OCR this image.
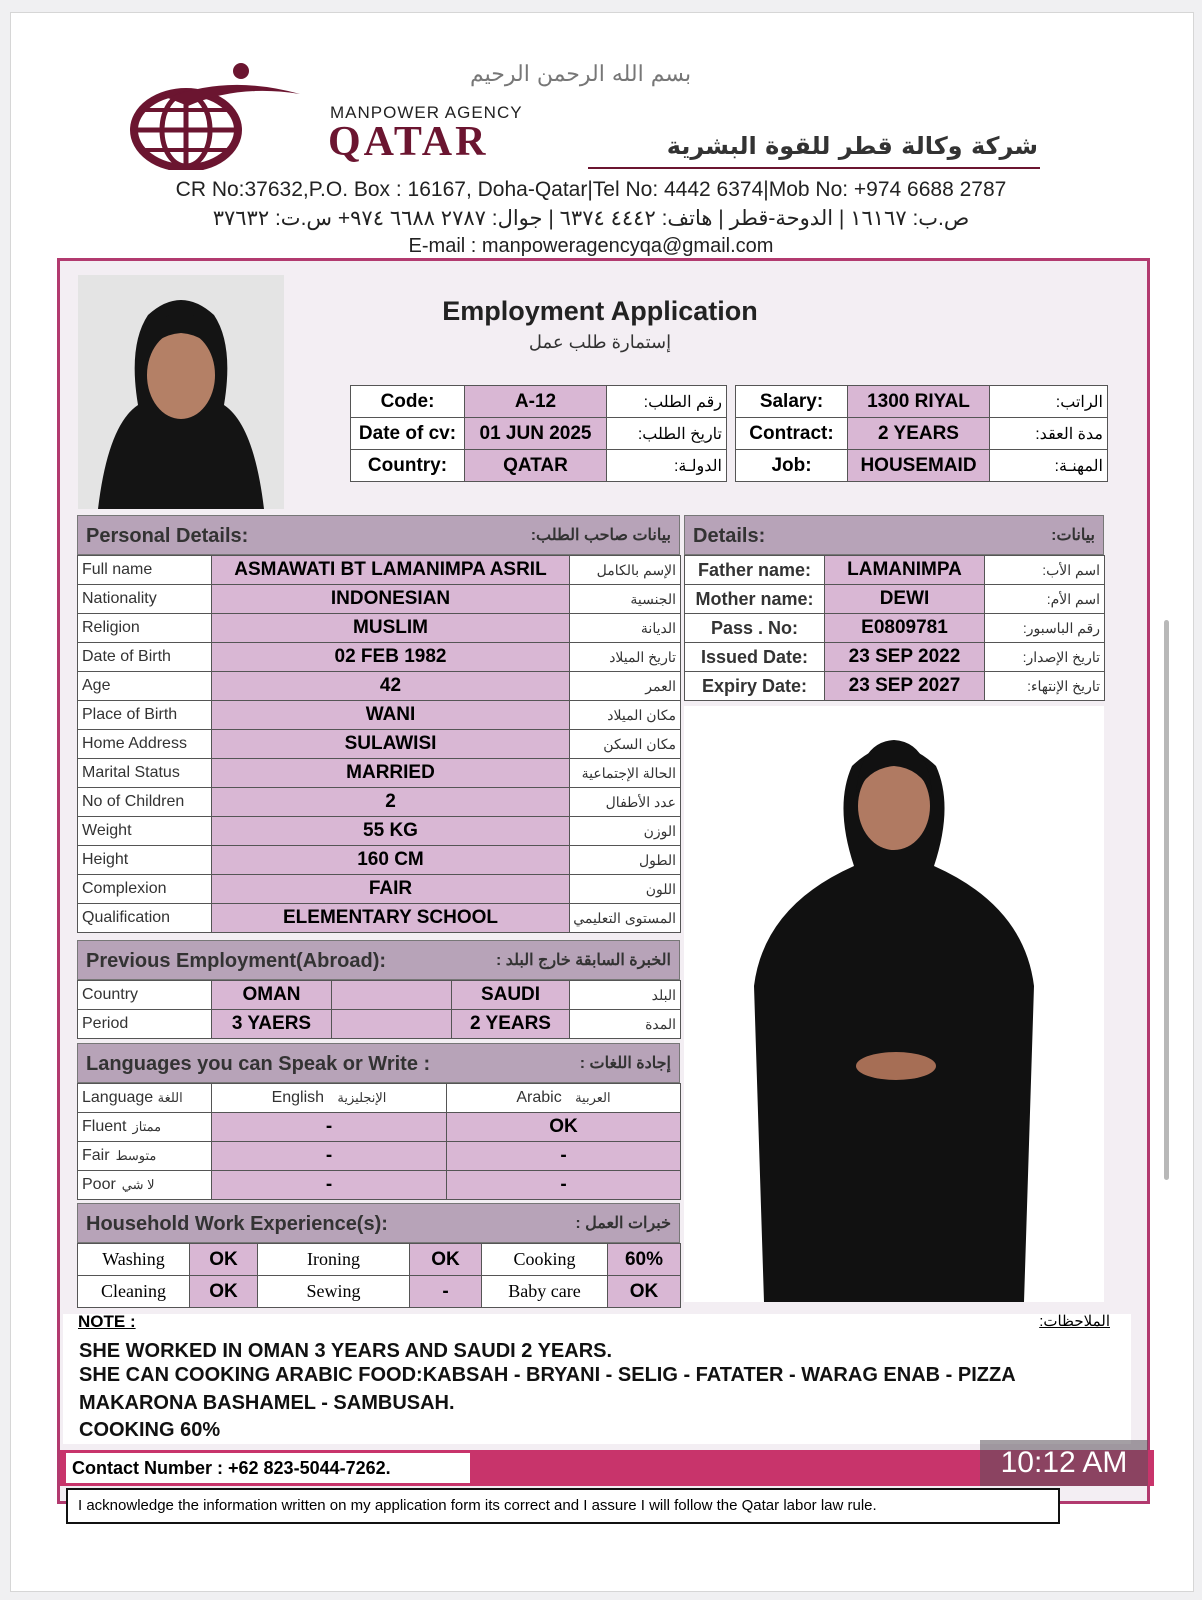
بسم الله الرحمن الرحيم
MANPOWER AGENCY
QATAR	شركة وكالة قطر للقوة البشرية
CR No:37632,P.O. Box : 16167, Doha-Qatar|Tel No: 4442 6374|Mob No: +974 6688 2787
ص.ب: ١٦١٦٧ | الدوحة-قطر | هاتف: ٤٤٤٢ ٦٣٧٤ | جوال: ٢٧٨٧ ٦٦٨٨ ٩٧٤+ س.ت: ٣٧٦٣٢
E-mail : manpoweragencyqa@gmail.com
Employment Application
إستمارة طلب عمل
Code:	A-12	رقم الطلب:
Date of cv:	01 JUN 2025	تاريخ الطلب:
Country:	QATAR	الدولـة:
Salary:	1300 RIYAL	الراتب:
Contract:	2 YEARS	مدة العقد:
Job:	HOUSEMAID	المهنـة:
Personal Details:	بيانات صاحب الطلب:
Full name	ASMAWATI BT LAMANIMPA ASRIL	الإسم بالكامل
Nationality	INDONESIAN	الجنسية
Religion	MUSLIM	الديانة
Date of Birth	02 FEB 1982	تاريخ الميلاد
Age	42	العمر
Place of Birth	WANI	مكان الميلاد
Home Address	SULAWISI	مكان السكن
Marital Status	MARRIED	الحالة الإجتماعية
No of Children	2	عدد الأطفال
Weight	55 KG	الوزن
Height	160 CM	الطول
Complexion	FAIR	اللون
Qualification	ELEMENTARY SCHOOL	المستوى التعليمي
Details:	بيانات:
Father name:	LAMANIMPA	اسم الأب:
Mother name:	DEWI	اسم الأم:
Pass . No:	E0809781	رقم الباسبور:
Issued Date:	23 SEP 2022	تاريخ الإصدار:
Expiry Date:	23 SEP 2027	تاريخ الإنتهاء:
Previous Employment(Abroad):	الخبرة السابقة خارج البلد :
Country	OMAN		SAUDI	البلد
Period	3 YAERS		2 YEARS	المدة
Languages you can Speak or Write :	إجادة اللغات :
Language اللغة	English الإنجليزية	Arabic العربية
Fluent ممتاز	-	OK
Fair متوسط	-	-
Poor لا شي	-	-
Household Work Experience(s):	خبرات العمل :
Washing	OK	Ironing	OK	Cooking	60%
Cleaning	OK	Sewing	-	Baby care	OK
NOTE :	الملاحظات:
SHE WORKED IN OMAN 3 YEARS AND SAUDI 2 YEARS.
SHE CAN COOKING ARABIC FOOD:KABSAH - BRYANI - SELIG - FATATER - WARAG ENAB - PIZZA
MAKARONA BASHAMEL - SAMBUSAH.
COOKING 60%
Contact Number : +62 823-5044-7262.	10:12 AM
I acknowledge the information written on my application form its correct and I assure I will follow the Qatar labor law rule.
